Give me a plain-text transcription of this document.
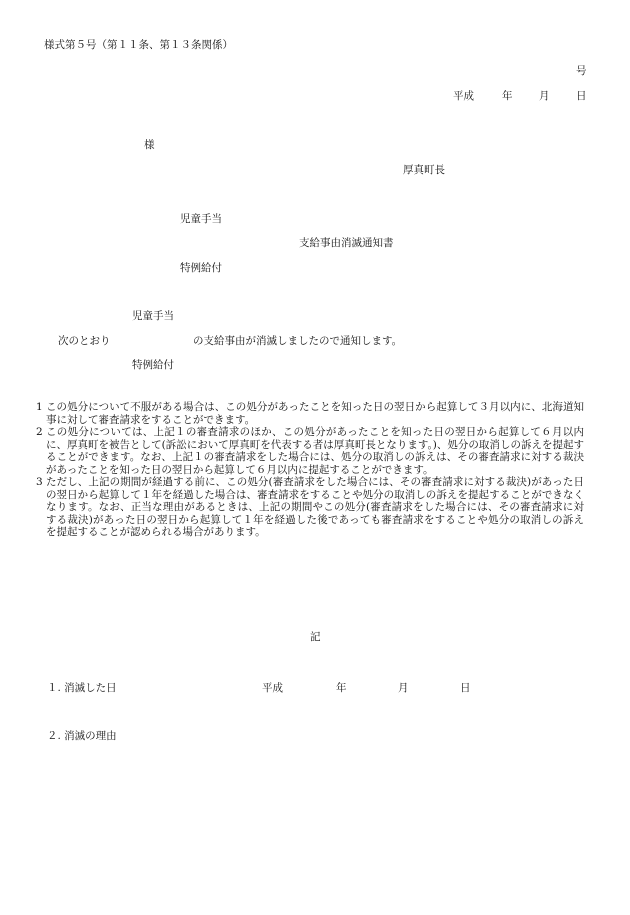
様式第５号（第１１条、第１３条関係）
号
平成	年	月	日
様
厚真町長
児童手当
支給事由消滅通知書
特例給付
児童手当
次のとおり	の支給事由が消滅しましたので通知します。
特例給付
1 この処分について不服がある場合は、この処分があったことを知った日の翌日から起算して３月以内に、北海道知事に対して審査請求をすることができます。
2 この処分については、上記１の審査請求のほか、この処分があったことを知った日の翌日から起算して６月以内に、厚真町を被告として(訴訟において厚真町を代表する者は厚真町長となります。)、処分の取消しの訴えを提起することができます。なお、上記１の審査請求をした場合には、処分の取消しの訴えは、その審査請求に対する裁決があったことを知った日の翌日から起算して６月以内に提起することができます。
3 ただし、上記の期間が経過する前に、この処分(審査請求をした場合には、その審査請求に対する裁決)があった日の翌日から起算して１年を経過した場合は、審査請求をすることや処分の取消しの訴えを提起することができなくなります。なお、正当な理由があるときは、上記の期間やこの処分(審査請求をした場合には、その審査請求に対する裁決)があった日の翌日から起算して１年を経過した後であっても審査請求をすることや処分の取消しの訴えを提起することが認められる場合があります。
記
１. 消滅した日	平成	年	月	日
２. 消滅の理由
